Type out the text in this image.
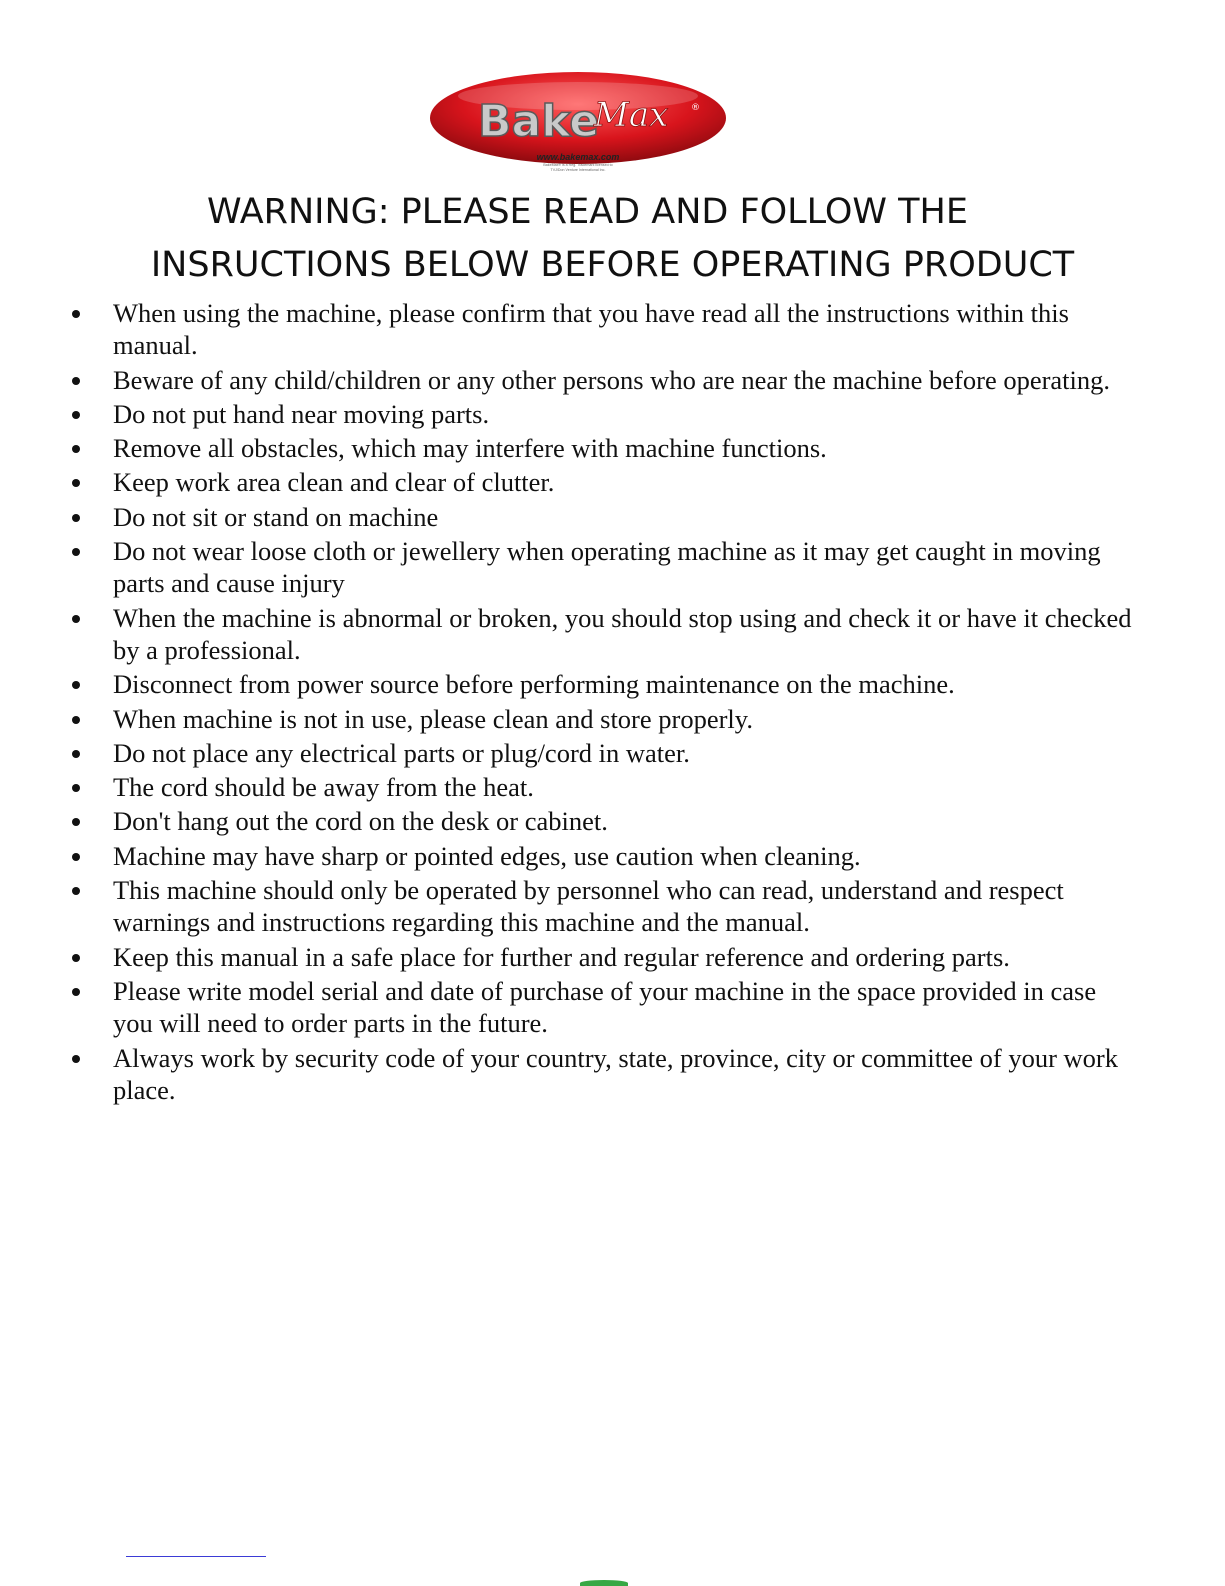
Bake
Max	®
www.bakemax.com
BakeMax® is a Reg. Trademark licensed to
TVJ/Don Venture International Inc.
WARNING: PLEASE READ AND FOLLOW THE
INSRUCTIONS BELOW BEFORE OPERATING PRODUCT
When using the machine, please confirm that you have read all the instructions within this manual.
Beware of any child/children or any other persons who are near the machine before operating.
Do not put hand near moving parts.
Remove all obstacles, which may interfere with machine functions.
Keep work area clean and clear of clutter.
Do not sit or stand on machine
Do not wear loose cloth or jewellery when operating machine as it may get caught in moving parts and cause injury
When the machine is abnormal or broken, you should stop using and check it or have it checked by a professional.
Disconnect from power source before performing maintenance on the machine.
When machine is not in use, please clean and store properly.
Do not place any electrical parts or plug/cord in water.
The cord should be away from the heat.
Don't hang out the cord on the desk or cabinet.
Machine may have sharp or pointed edges, use caution when cleaning.
This machine should only be operated by personnel who can read, understand and respect warnings and instructions regarding this machine and the manual.
Keep this manual in a safe place for further and regular reference and ordering parts.
Please write model serial and date of purchase of your machine in the space provided in case you will need to order parts in the future.
Always work by security code of your country, state, province, city or committee of your work place.
